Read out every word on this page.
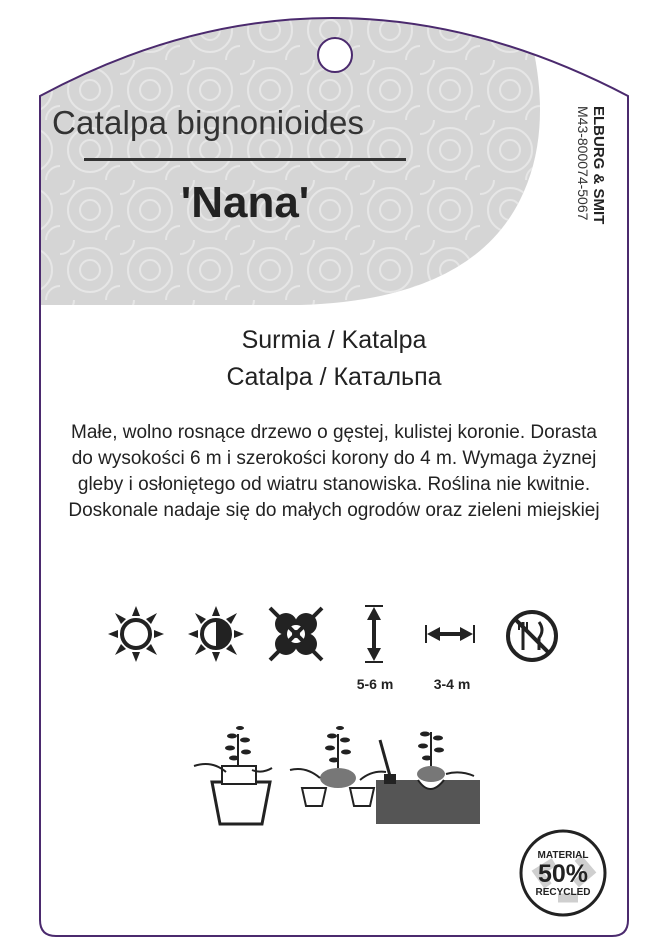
Catalpa bignonioides
'Nana'	ELBURG & SMIT
M43-800074-5067
Surmia / Katalpa
Catalpa / Катальпа
Małe, wolno rosnące drzewo o gęstej, kulistej koronie. Dorasta do wysokości 6 m i szerokości korony do 4 m. Wymaga żyznej gleby i osłoniętego od wiatru stanowiska. Roślina nie kwitnie. Doskonale nadaje się do małych ogrodów oraz zieleni miejskiej
5-6 m	3-4 m
MATERIAL
50%
RECYCLED
